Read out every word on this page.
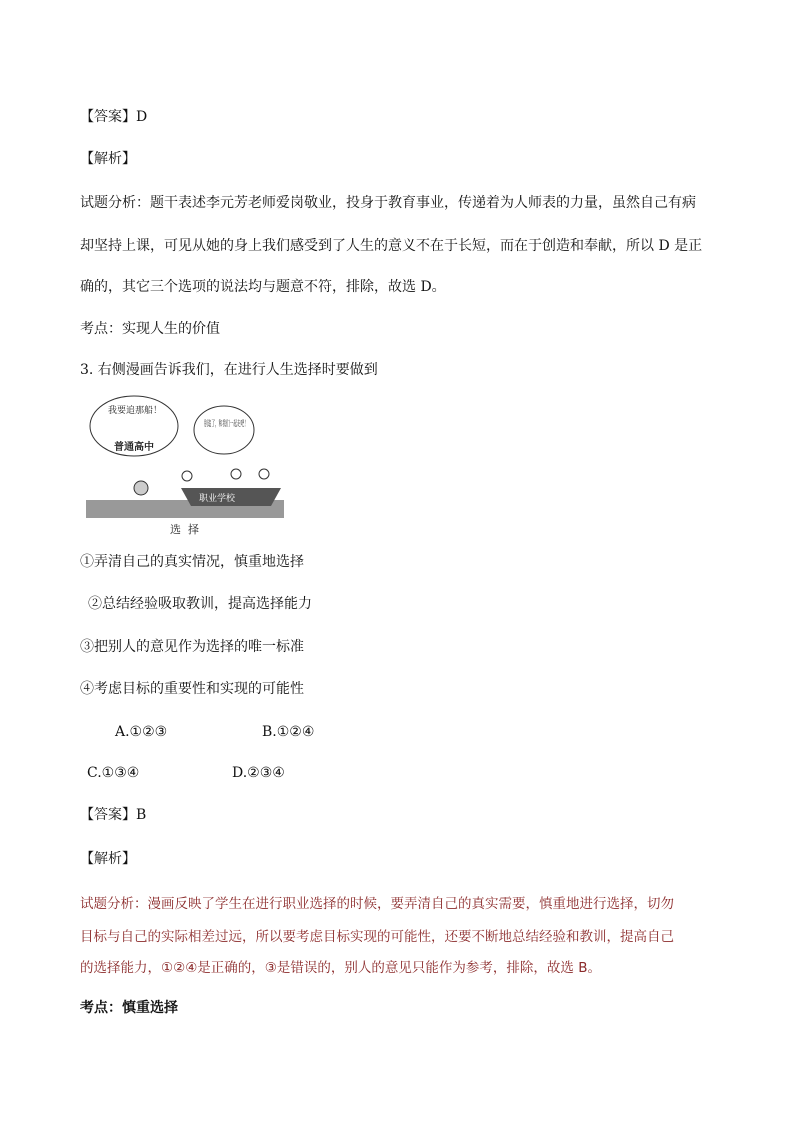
【答案】D
【解析】
试题分析：题干表述李元芳老师爱岗敬业，投身于教育事业，传递着为人师表的力量，虽然自己有病
却坚持上课，可见从她的身上我们感受到了人生的意义不在于长短，而在于创造和奉献，所以 D 是正
确的，其它三个选项的说法均与题意不符，排除，故选 D。
考点：实现人生的价值
3. 右侧漫画告诉我们，在进行人生选择时要做到
我要追那船！
普通高中
职业学校
选  择
①弄清自己的真实情况，慎重地选择
②总结经验吸取教训，提高选择能力
③把别人的意见作为选择的唯一标准
④考虑目标的重要性和实现的可能性
A.①②③	B.①②④
C.①③④	D.②③④
【答案】B
【解析】
试题分析：漫画反映了学生在进行职业选择的时候，要弄清自己的真实需要，慎重地进行选择，切勿
目标与自己的实际相差过远，所以要考虑目标实现的可能性，还要不断地总结经验和教训，提高自己
的选择能力，①②④是正确的，③是错误的，别人的意见只能作为参考，排除，故选 B。
考点：慎重选择
